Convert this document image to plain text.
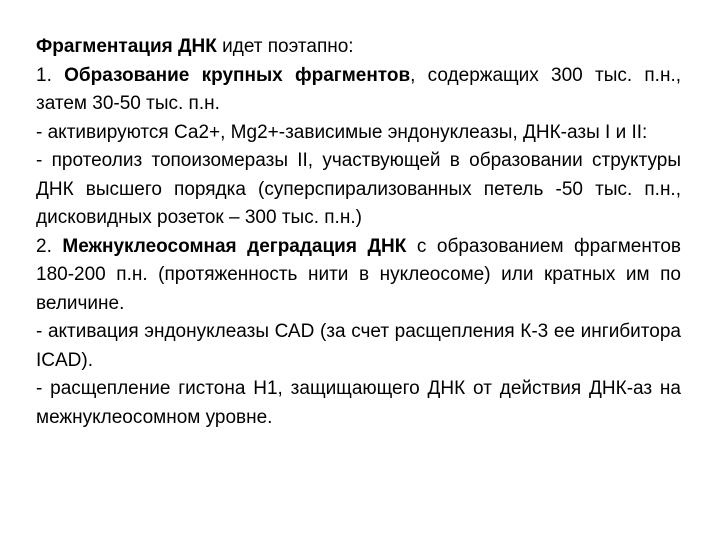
Фрагментация ДНК идет поэтапно:

1. Образование крупных фрагментов, содержащих 300 тыс. п.н., затем 30-50 тыс. п.н.

- активируются Са2+, Mg2+-зависимые эндонуклеазы, ДНК-азы I и II:

- протеолиз топоизомеразы II, участвующей в образовании структуры ДНК высшего порядка (суперспирализованных петель -50 тыс. п.н., дисковидных розеток – 300 тыс. п.н.)

2. Межнуклеосомная деградация ДНК с образованием фрагментов 180-200 п.н. (протяженность нити в нуклеосоме) или кратных им по величине.

- активация эндонуклеазы САD (за счет расщепления К-3 ее ингибитора ICAD).

- расщепление гистона Н1, защищающего ДНК от действия ДНК-аз на межнуклеосомном уровне.
